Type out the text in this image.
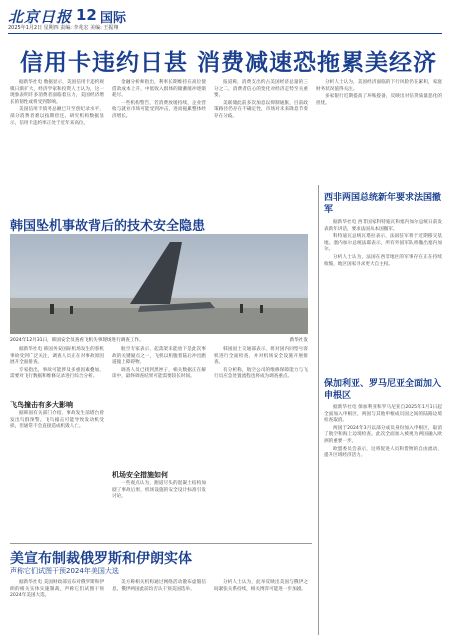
北京日报 12 国际
2025年1月2日 星期四 责编: 李兆宏 美编: 王振翔
信用卡违约日甚 消费减速恐拖累美经济

据新华社电 数据显示，美国信用卡违约规模日渐扩大，经济学家和投资人士认为，这一现象表明许多消费者面临着压力，美国经济增长的韧性或将受到影响。

美国信用卡债务总额已升至创纪录水平，部分消费者难以按期偿还。研究机构数据显示，信用卡违约率正处于近年来高位。

金融分析师指出，利率长期维持在高位使借款成本上升，中低收入群体的储蓄缓冲逐渐耗尽。

一些机构警告，若消费放缓持续，企业营收与就业市场可能受到冲击，进而拖累整体经济增长。

报道称，消费支出约占美国经济总量的三分之二，消费者信心的变化对经济走势至关重要。

美联储此前多次加息以抑制通胀，目前政策路径仍存在不确定性，市场对未来降息节奏存在分歧。

分析人士认为，美国经济面临的下行风险仍在累积，家庭财务状况值得关注。

多家银行近期提高了坏账拨备，反映出对信贷质量恶化的担忧。

韩国坠机事故背后的技术安全隐患
2024年12月31日，韩国安全员查看飞机失事现场进行调查工作。	新华社发

据新华社电 韩国务安国际机场发生的客机事故受到广泛关注，调查人员正在对事故原因展开全面排查。

专家指出，事故可能涉及多重因素叠加，需要对飞行数据和维修记录进行综合分析。

飞鸟撞击有多大影响

据韩国有关部门介绍，事故发生前塔台曾发出鸟群预警。飞鸟撞击可能导致发动机受损，但通常不会直接造成机毁人亡。

航空专家表示，起落架未能放下是此次事故的关键疑点之一，飞机以机腹着陆后冲出跑道撞上障碍物。

调查人员已找到黑匣子，相关数据正在解读中，最终调查结果可能需要较长时间。

机场安全措施如何

一些观点认为，跑道尽头的混凝土结构加剧了事故后果，机场设施的安全设计标准引发讨论。

韩国国土交通部表示，将对国内同型号客机进行全面检查，并对机场安全设施开展排查。

有分析称，航空公司的维修保障能力与飞行员应急处置流程也将成为调查重点。

西非两国总统新年要求法国撤军

据新华社电 西非国家科特迪瓦和塞内加尔总统日前发表新年讲话，要求法国从本国撤军。

科特迪瓦总统瓦塔拉表示，法国驻军将于近期移交基地。塞内加尔总统法耶表示，所有外国军队将撤出塞内加尔。

分析人士认为，法国在西非地区的军事存在正在持续收缩，地区国家寻求更大自主权。

保加利亚、罗马尼亚全面加入申根区

据新华社电 保加利亚和罗马尼亚自2025年1月1日起全面加入申根区，两国与其他申根成员国之间的陆路边境检查取消。

两国于2024年3月以部分成员身份加入申根区，取消了航空和海上边境检查。此次全面加入被视为两国融入欧洲的重要一步。

欧盟委员会表示，这将促进人员和货物的自由流动，提升区域经济活力。

美宣布制裁俄罗斯和伊朗实体
声称它们试图干预2024年美国大选

据新华社电 美国财政部宣布对俄罗斯和伊朗的相关实体实施制裁，声称它们试图干预2024年美国大选。

美方称相关机构通过网络活动散布虚假信息，俄伊两国此前均否认干预美国选举。

分析人士认为，此举反映出美国与俄伊之间紧张关系持续，相关博弈可能进一步加剧。
